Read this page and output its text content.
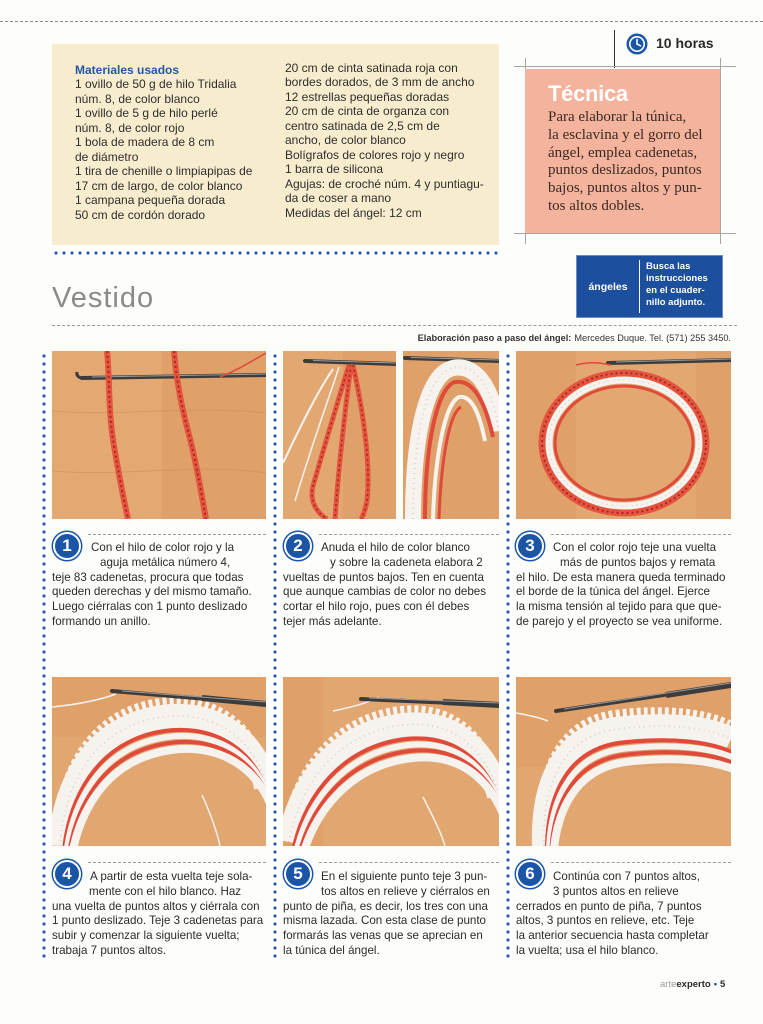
Materiales usados
1 ovillo de 50 g de hilo Tridalia
núm. 8, de color blanco
1 ovillo de 5 g de hilo perlé
núm. 8, de color rojo
1 bola de madera de 8 cm
de diámetro
1 tira de chenille o limpiapipas de
17 cm de largo, de color blanco
1 campana pequeña dorada
50 cm de cordón dorado
20 cm de cinta satinada roja con
bordes dorados, de 3 mm de ancho
12 estrellas pequeñas doradas
20 cm de cinta de organza con
centro satinada de 2,5 cm de
ancho, de color blanco
Bolígrafos de colores rojo y negro
1 barra de silicona
Agujas: de croché núm. 4 y puntiagu-
da de coser a mano
Medidas del ángel: 12 cm
10 horas
Técnica
Para elaborar la túnica,
la esclavina y el gorro del
ángel, emplea cadenetas,
puntos deslizados, puntos
bajos, puntos altos y pun-
tos altos dobles.
ángeles
Busca las
instrucciones
en el cuader-
nillo adjunto.
Vestido
Elaboración paso a paso del ángel: Mercedes Duque. Tel. (571) 255 3450.
1	Con el hilo de color rojo y la
aguja metálica número 4,
teje 83 cadenetas, procura que todas
queden derechas y del mismo tamaño.
Luego ciérralas con 1 punto deslizado
formando un anillo.
2	Anuda el hilo de color blanco
y sobre la cadeneta elabora 2
vueltas de puntos bajos. Ten en cuenta
que aunque cambias de color no debes
cortar el hilo rojo, pues con él debes
tejer más adelante.
3	Con el color rojo teje una vuelta
más de puntos bajos y remata
el hilo. De esta manera queda terminado
el borde de la túnica del ángel. Ejerce
la misma tensión al tejido para que que-
de parejo y el proyecto se vea uniforme.
4	A partir de esta vuelta teje sola-
mente con el hilo blanco. Haz
una vuelta de puntos altos y ciérrala con
1 punto deslizado. Teje 3 cadenetas para
subir y comenzar la siguiente vuelta;
trabaja 7 puntos altos.
5	En el siguiente punto teje 3 pun-
tos altos en relieve y ciérralos en
punto de piña, es decir, los tres con una
misma lazada. Con esta clase de punto
formarás las venas que se aprecian en
la túnica del ángel.
6	Continúa con 7 puntos altos,
3 puntos altos en relieve
cerrados en punto de piña, 7 puntos
altos, 3 puntos en relieve, etc. Teje
la anterior secuencia hasta completar
la vuelta; usa el hilo blanco.
arteexperto • 5
